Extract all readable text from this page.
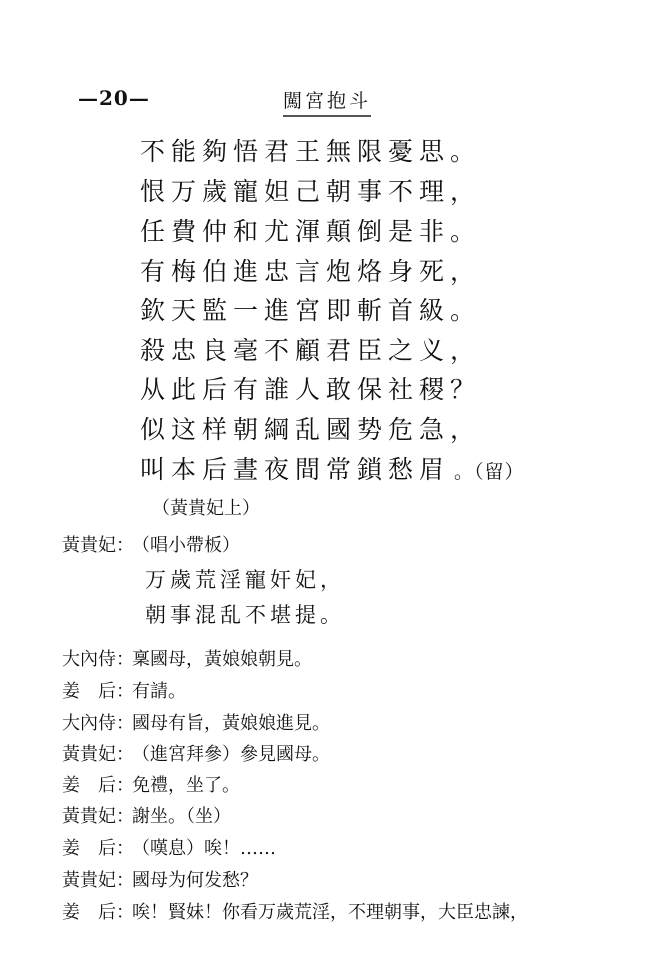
—20—	闖宮抱斗
不能夠悟君王無限憂思。
恨万歲寵妲己朝事不理，
任費仲和尤渾顛倒是非。
有梅伯進忠言炮烙身死，
欽天監一進宮即斬首級。
殺忠良毫不顧君臣之义，
从此后有誰人敢保社稷？
似这样朝綱乱國势危急，
叫本后晝夜間常鎖愁眉 。（留）
（黃貴妃上）
黃貴妃：（唱小帶板）
万歲荒淫寵奸妃，
朝事混乱不堪提。
大內侍：稟國母，黃娘娘朝見。
姜　后：有請。
大內侍：國母有旨，黃娘娘進見。
黃貴妃：（進宮拜參）參見國母。
姜　后：免禮，坐了。
黃貴妃：謝坐。（坐）
姜　后：（嘆息）唉！……
黃貴妃：國母为何发愁？
姜　后：唉！賢妹！你看万歲荒淫，不理朝事，大臣忠諫，
